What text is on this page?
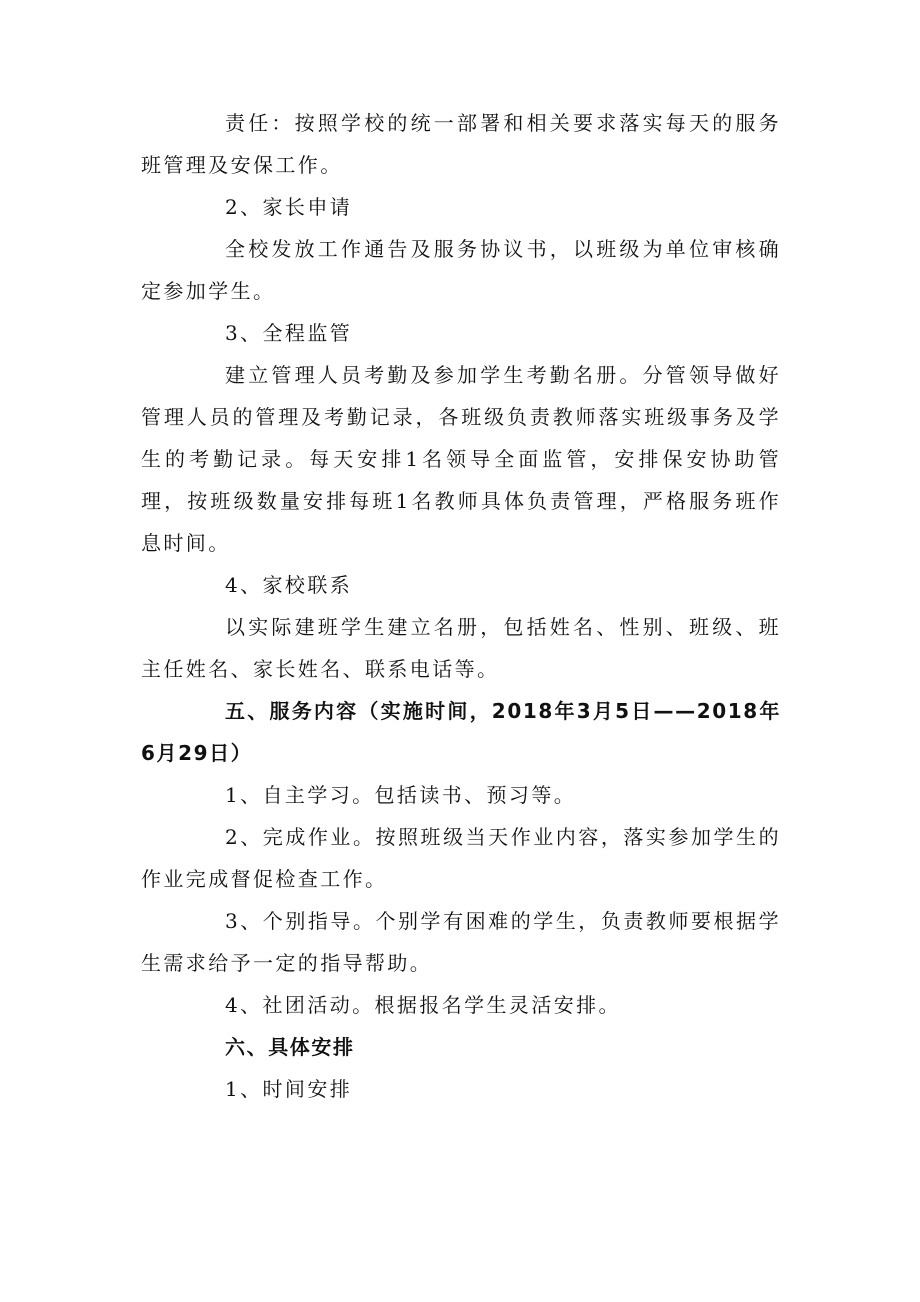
责任：按照学校的统一部署和相关要求落实每天的服务班管理及安保工作。

2、家长申请

全校发放工作通告及服务协议书，以班级为单位审核确定参加学生。

3、全程监管

建立管理人员考勤及参加学生考勤名册。分管领导做好管理人员的管理及考勤记录，各班级负责教师落实班级事务及学生的考勤记录。每天安排1名领导全面监管，安排保安协助管理，按班级数量安排每班1名教师具体负责管理，严格服务班作息时间。

4、家校联系

以实际建班学生建立名册，包括姓名、性别、班级、班主任姓名、家长姓名、联系电话等。

五、服务内容（实施时间，2018年3月5日——2018年6月29日）

1、自主学习。包括读书、预习等。

2、完成作业。按照班级当天作业内容，落实参加学生的作业完成督促检查工作。

3、个别指导。个别学有困难的学生，负责教师要根据学生需求给予一定的指导帮助。

4、社团活动。根据报名学生灵活安排。

六、具体安排

1、时间安排
